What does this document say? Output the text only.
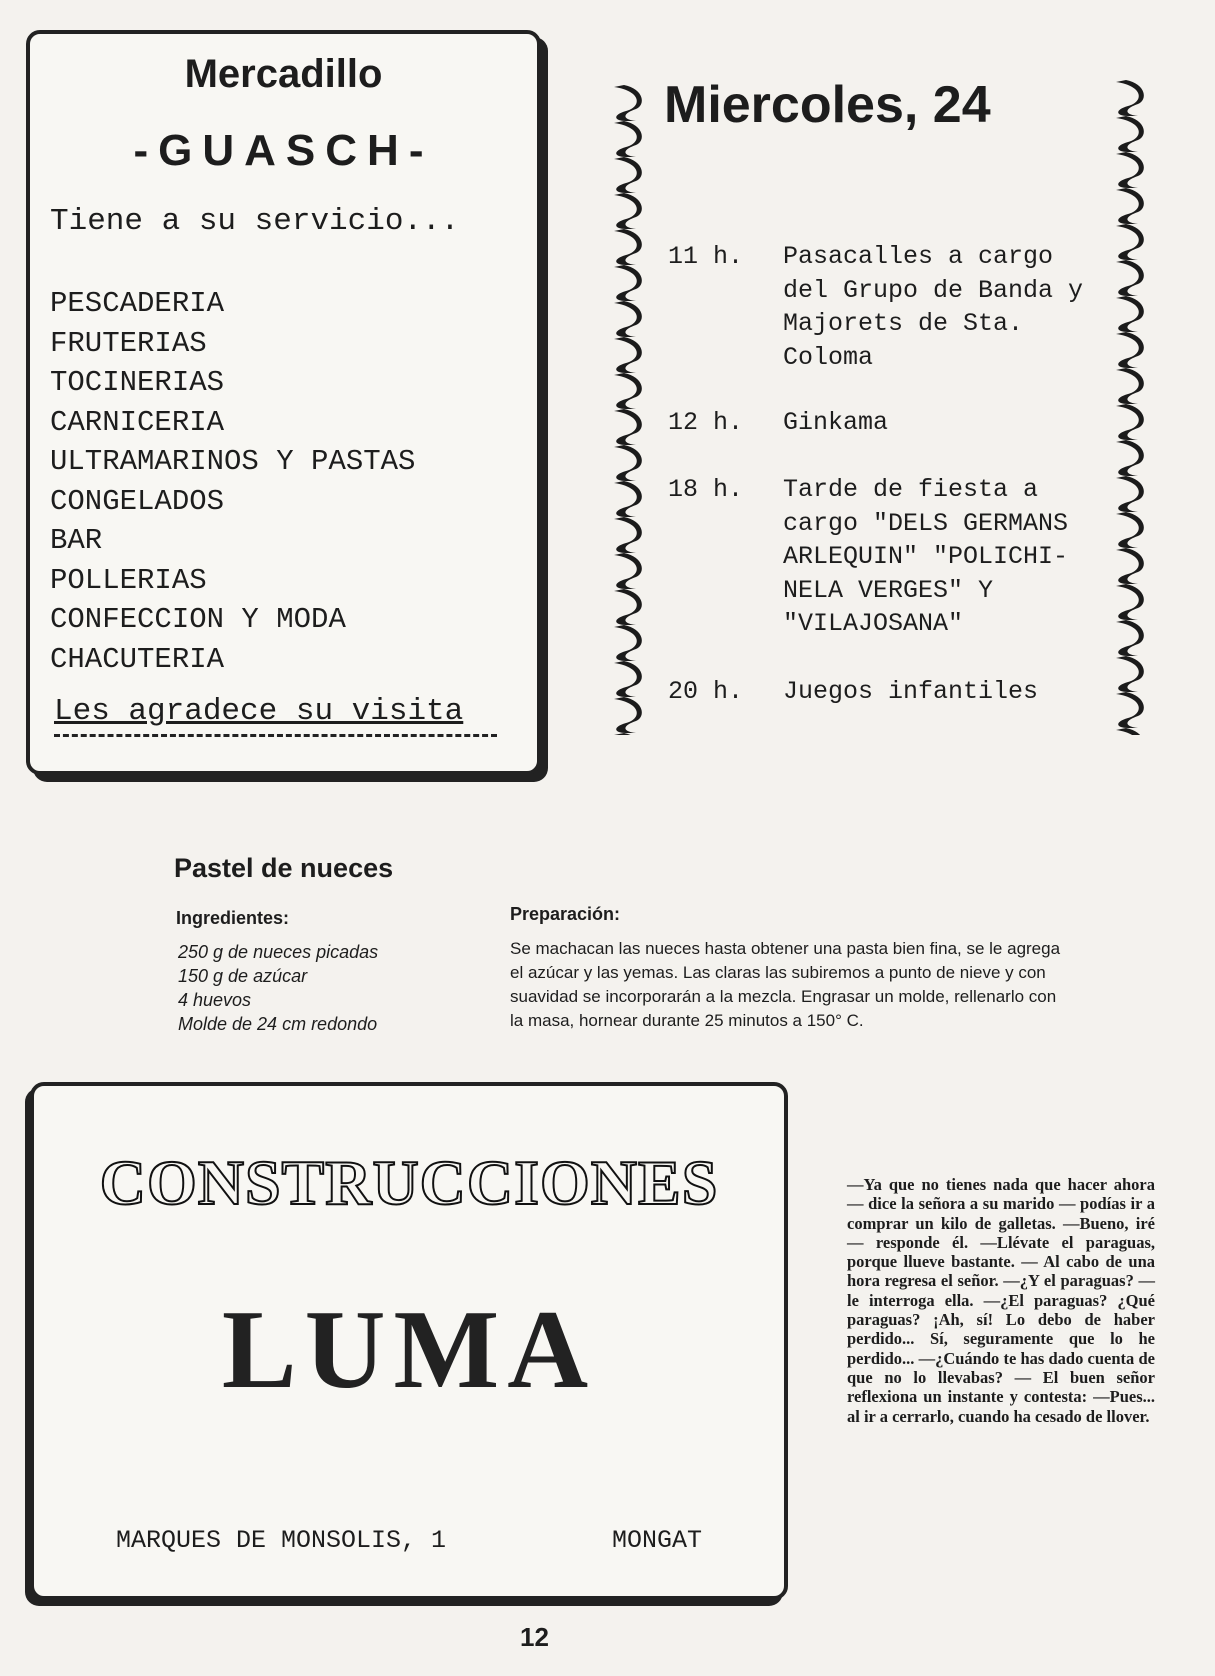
Mercadillo
-GUASCH-
Tiene a su servicio...
PESCADERIA
FRUTERIAS
TOCINERIAS
CARNICERIA
ULTRAMARINOS Y PASTAS
CONGELADOS
BAR
POLLERIAS
CONFECCION Y MODA
CHACUTERIA
Les agradece su visita
Miercoles, 24
11 h. Pasacalles a cargo del Grupo de Banda y Majorets de Sta. Coloma
12 h. Ginkama
18 h. Tarde de fiesta a cargo "DELS GERMANS ARLEQUIN" "POLICHI- NELA VERGES" Y "VILAJOSANA"
20 h. Juegos infantiles
Pastel de nueces
Ingredientes:
250 g de nueces picadas
150 g de azúcar
4 huevos
Molde de 24 cm redondo
Preparación:

Se machacan las nueces hasta obtener una pasta bien fina, se le agrega el azúcar y las yemas. Las claras las subiremos a punto de nieve y con suavidad se incorporarán a la mezcla. Engrasar un molde, rellenarlo con la masa, hornear durante 25 minutos a 150° C.

CONSTRUCCIONES
LUMA
MARQUES DE MONSOLIS, 1	MONGAT

—Ya que no tienes nada que hacer ahora — dice la señora a su marido — podías ir a comprar un kilo de galletas. —Bueno, iré — responde él. —Llévate el paraguas, porque llueve bastante. — Al cabo de una hora regresa el señor. —¿Y el paraguas? — le interroga ella. —¿El paraguas? ¿Qué paraguas? ¡Ah, sí! Lo debo de haber perdido... Sí, seguramente que lo he perdido... —¿Cuándo te has dado cuenta de que no lo llevabas? — El buen señor reflexiona un instante y contesta: —Pues... al ir a cerrarlo, cuando ha cesado de llover.

12
